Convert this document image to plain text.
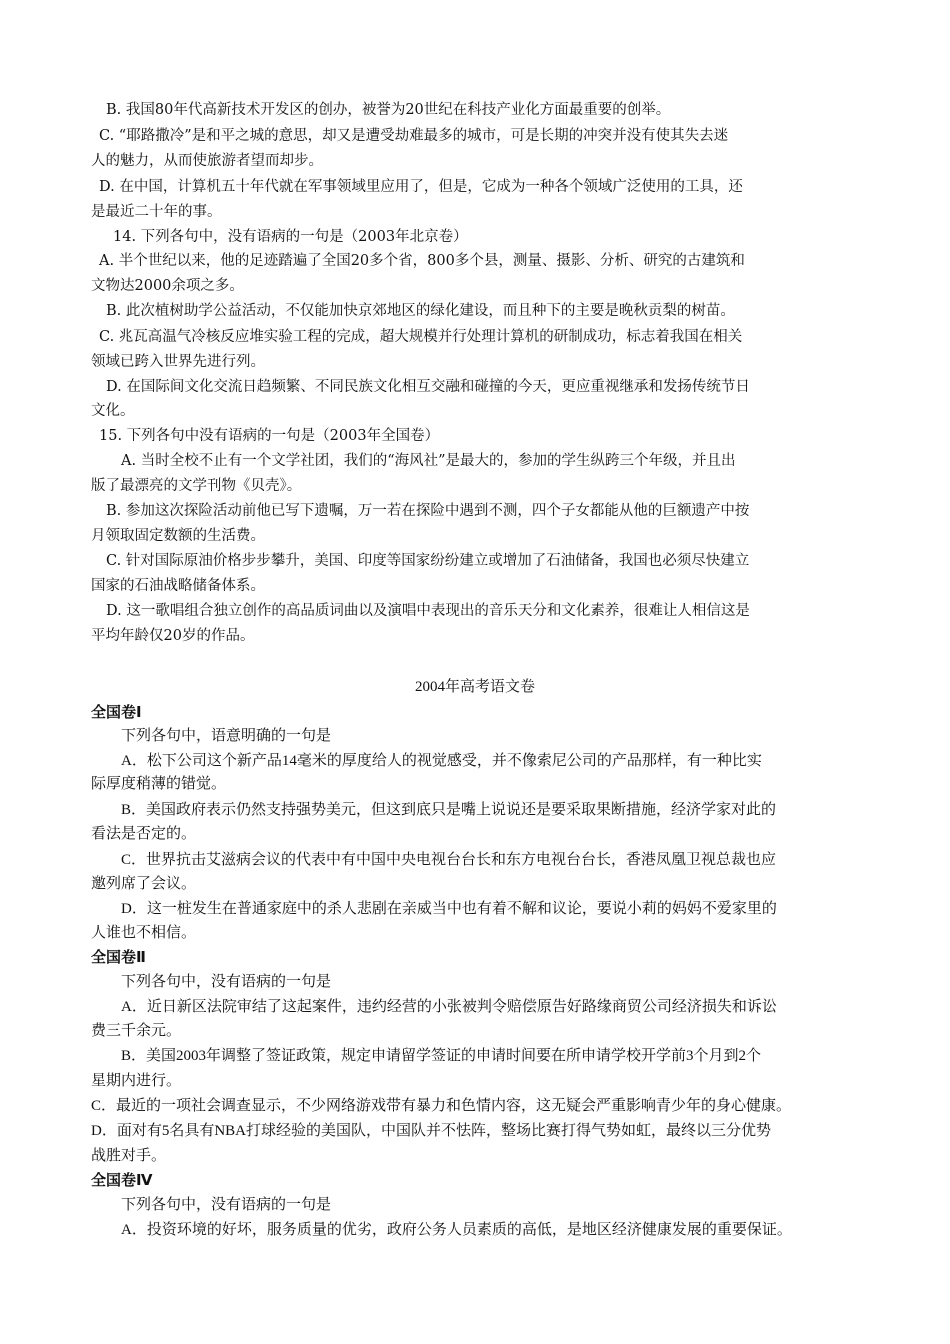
B. 我国80年代高新技术开发区的创办，被誉为20世纪在科技产业化方面最重要的创举。
C. “耶路撒冷”是和平之城的意思，却又是遭受劫难最多的城市，可是长期的冲突并没有使其失去迷
人的魅力，从而使旅游者望而却步。
D. 在中国，计算机五十年代就在军事领域里应用了，但是，它成为一种各个领域广泛使用的工具，还
是最近二十年的事。
14. 下列各句中，没有语病的一句是（2003年北京卷）
A. 半个世纪以来，他的足迹踏遍了全国20多个省，800多个县，测量、摄影、分析、研究的古建筑和
文物达2000余项之多。
B. 此次植树助学公益活动，不仅能加快京郊地区的绿化建设，而且种下的主要是晚秋贡梨的树苗。
C. 兆瓦高温气冷核反应堆实验工程的完成，超大规模并行处理计算机的研制成功，标志着我国在相关
领域已跨入世界先进行列。
D. 在国际间文化交流日趋频繁、不同民族文化相互交融和碰撞的今天，更应重视继承和发扬传统节日
文化。
15. 下列各句中没有语病的一句是（2003年全国卷）
A. 当时全校不止有一个文学社团，我们的“海风社”是最大的，参加的学生纵跨三个年级，并且出
版了最漂亮的文学刊物《贝壳》。
B. 参加这次探险活动前他已写下遗嘱，万一若在探险中遇到不测，四个子女都能从他的巨额遗产中按
月领取固定数额的生活费。
C. 针对国际原油价格步步攀升，美国、印度等国家纷纷建立或增加了石油储备，我国也必须尽快建立
国家的石油战略储备体系。
D. 这一歌唱组合独立创作的高品质词曲以及演唱中表现出的音乐天分和文化素养，很难让人相信这是
平均年龄仅20岁的作品。
2004年高考语文卷
全国卷Ⅰ
下列各句中，语意明确的一句是
A．松下公司这个新产品14毫米的厚度给人的视觉感受，并不像索尼公司的产品那样，有一种比实
际厚度稍薄的错觉。
B．美国政府表示仍然支持强势美元，但这到底只是嘴上说说还是要采取果断措施，经济学家对此的
看法是否定的。
C．世界抗击艾滋病会议的代表中有中国中央电视台台长和东方电视台台长，香港凤凰卫视总裁也应
邀列席了会议。
D．这一桩发生在普通家庭中的杀人悲剧在亲威当中也有着不解和议论，要说小莉的妈妈不爱家里的
人谁也不相信。
全国卷Ⅱ
下列各句中，没有语病的一句是
A．近日新区法院审结了这起案件，违约经营的小张被判令赔偿原告好路缘商贸公司经济损失和诉讼
费三千余元。
B．美国2003年调整了签证政策，规定申请留学签证的申请时间要在所申请学校开学前3个月到2个
星期内进行。
C．最近的一项社会调查显示，不少网络游戏带有暴力和色情内容，这无疑会严重影响青少年的身心健康。
D．面对有5名具有NBA打球经验的美国队，中国队并不怯阵，整场比赛打得气势如虹，最终以三分优势
战胜对手。
全国卷Ⅳ
下列各句中，没有语病的一句是
A．投资环境的好坏，服务质量的优劣，政府公务人员素质的高低，是地区经济健康发展的重要保证。
